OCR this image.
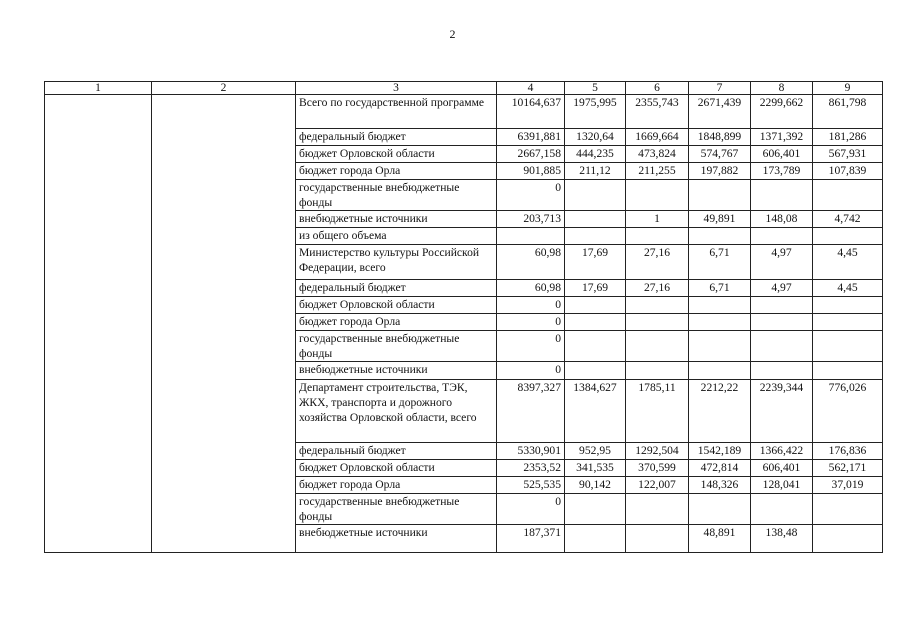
2
1	2	3	4	5	6	7	8	9
		Всего по государственной программе	10164,637	1975,995	2355,743	2671,439	2299,662	861,798
		федеральный бюджет	6391,881	1320,64	1669,664	1848,899	1371,392	181,286
		бюджет Орловской области	2667,158	444,235	473,824	574,767	606,401	567,931
		бюджет города Орла	901,885	211,12	211,255	197,882	173,789	107,839
		государственные внебюджетные фонды	0					
		внебюджетные источники	203,713		1	49,891	148,08	4,742
		из общего объема						
		Министерство культуры Российской Федерации, всего	60,98	17,69	27,16	6,71	4,97	4,45
		федеральный бюджет	60,98	17,69	27,16	6,71	4,97	4,45
		бюджет Орловской области	0					
		бюджет города Орла	0					
		государственные внебюджетные фонды	0					
		внебюджетные источники	0					
		Департамент строительства, ТЭК, ЖКХ, транспорта и дорожного хозяйства Орловской области, всего	8397,327	1384,627	1785,11	2212,22	2239,344	776,026
		федеральный бюджет	5330,901	952,95	1292,504	1542,189	1366,422	176,836
		бюджет Орловской области	2353,52	341,535	370,599	472,814	606,401	562,171
		бюджет города Орла	525,535	90,142	122,007	148,326	128,041	37,019
		государственные внебюджетные фонды	0					
		внебюджетные источники	187,371			48,891	138,48	
